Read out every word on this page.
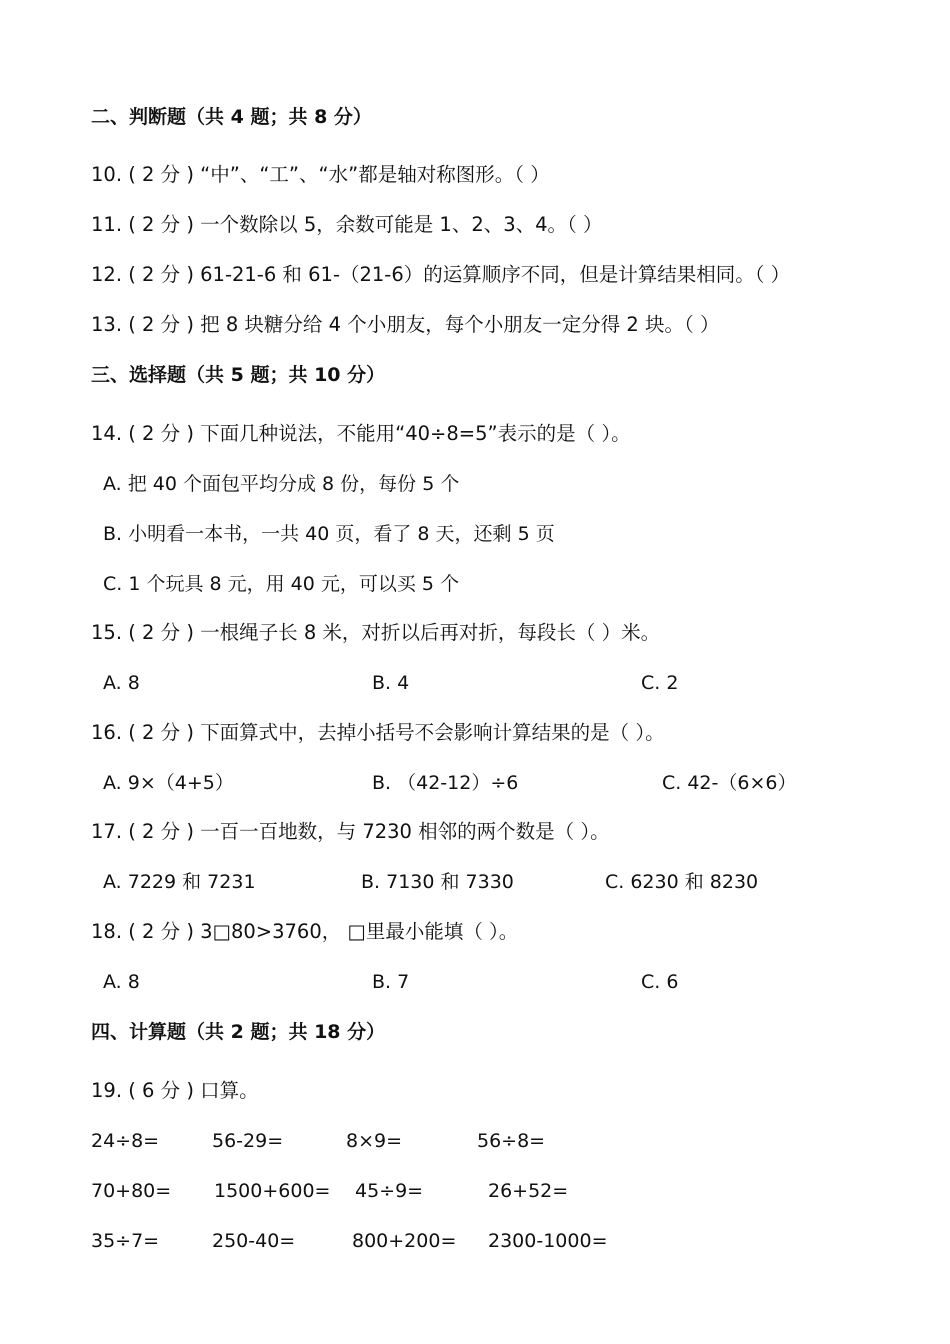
二、判断题（共 4 题；共 8 分）
10. ( 2 分 ) “中”、“工”、“水”都是轴对称图形。（ ）
11. ( 2 分 ) 一个数除以 5，余数可能是 1、2、3、4。（ ）
12. ( 2 分 ) 61-21-6 和 61-（21-6）的运算顺序不同，但是计算结果相同。（ ）
13. ( 2 分 ) 把 8 块糖分给 4 个小朋友，每个小朋友一定分得 2 块。（ ）
三、选择题（共 5 题；共 10 分）
14. ( 2 分 ) 下面几种说法，不能用“40÷8=5”表示的是（ ）。
A. 把 40 个面包平均分成 8 份，每份 5 个
B. 小明看一本书，一共 40 页，看了 8 天，还剩 5 页
C. 1 个玩具 8 元，用 40 元，可以买 5 个
15. ( 2 分 ) 一根绳子长 8 米，对折以后再对折，每段长（ ）米。
A. 8	B. 4	C. 2
16. ( 2 分 ) 下面算式中，去掉小括号不会影响计算结果的是（ ）。
A. 9×（4+5）	B. （42-12）÷6	C. 42-（6×6）
17. ( 2 分 ) 一百一百地数，与 7230 相邻的两个数是（ ）。
A. 7229 和 7231	B. 7130 和 7330	C. 6230 和 8230
18. ( 2 分 ) 3□80>3760， □里最小能填（ ）。
A. 8	B. 7	C. 6
四、计算题（共 2 题；共 18 分）
19. ( 6 分 ) 口算。
24÷8=	56-29=	8×9=	56÷8=
70+80= 1500+600= 45÷9=	26+52=
35÷7=	250-40=	800+200= 2300-1000=
